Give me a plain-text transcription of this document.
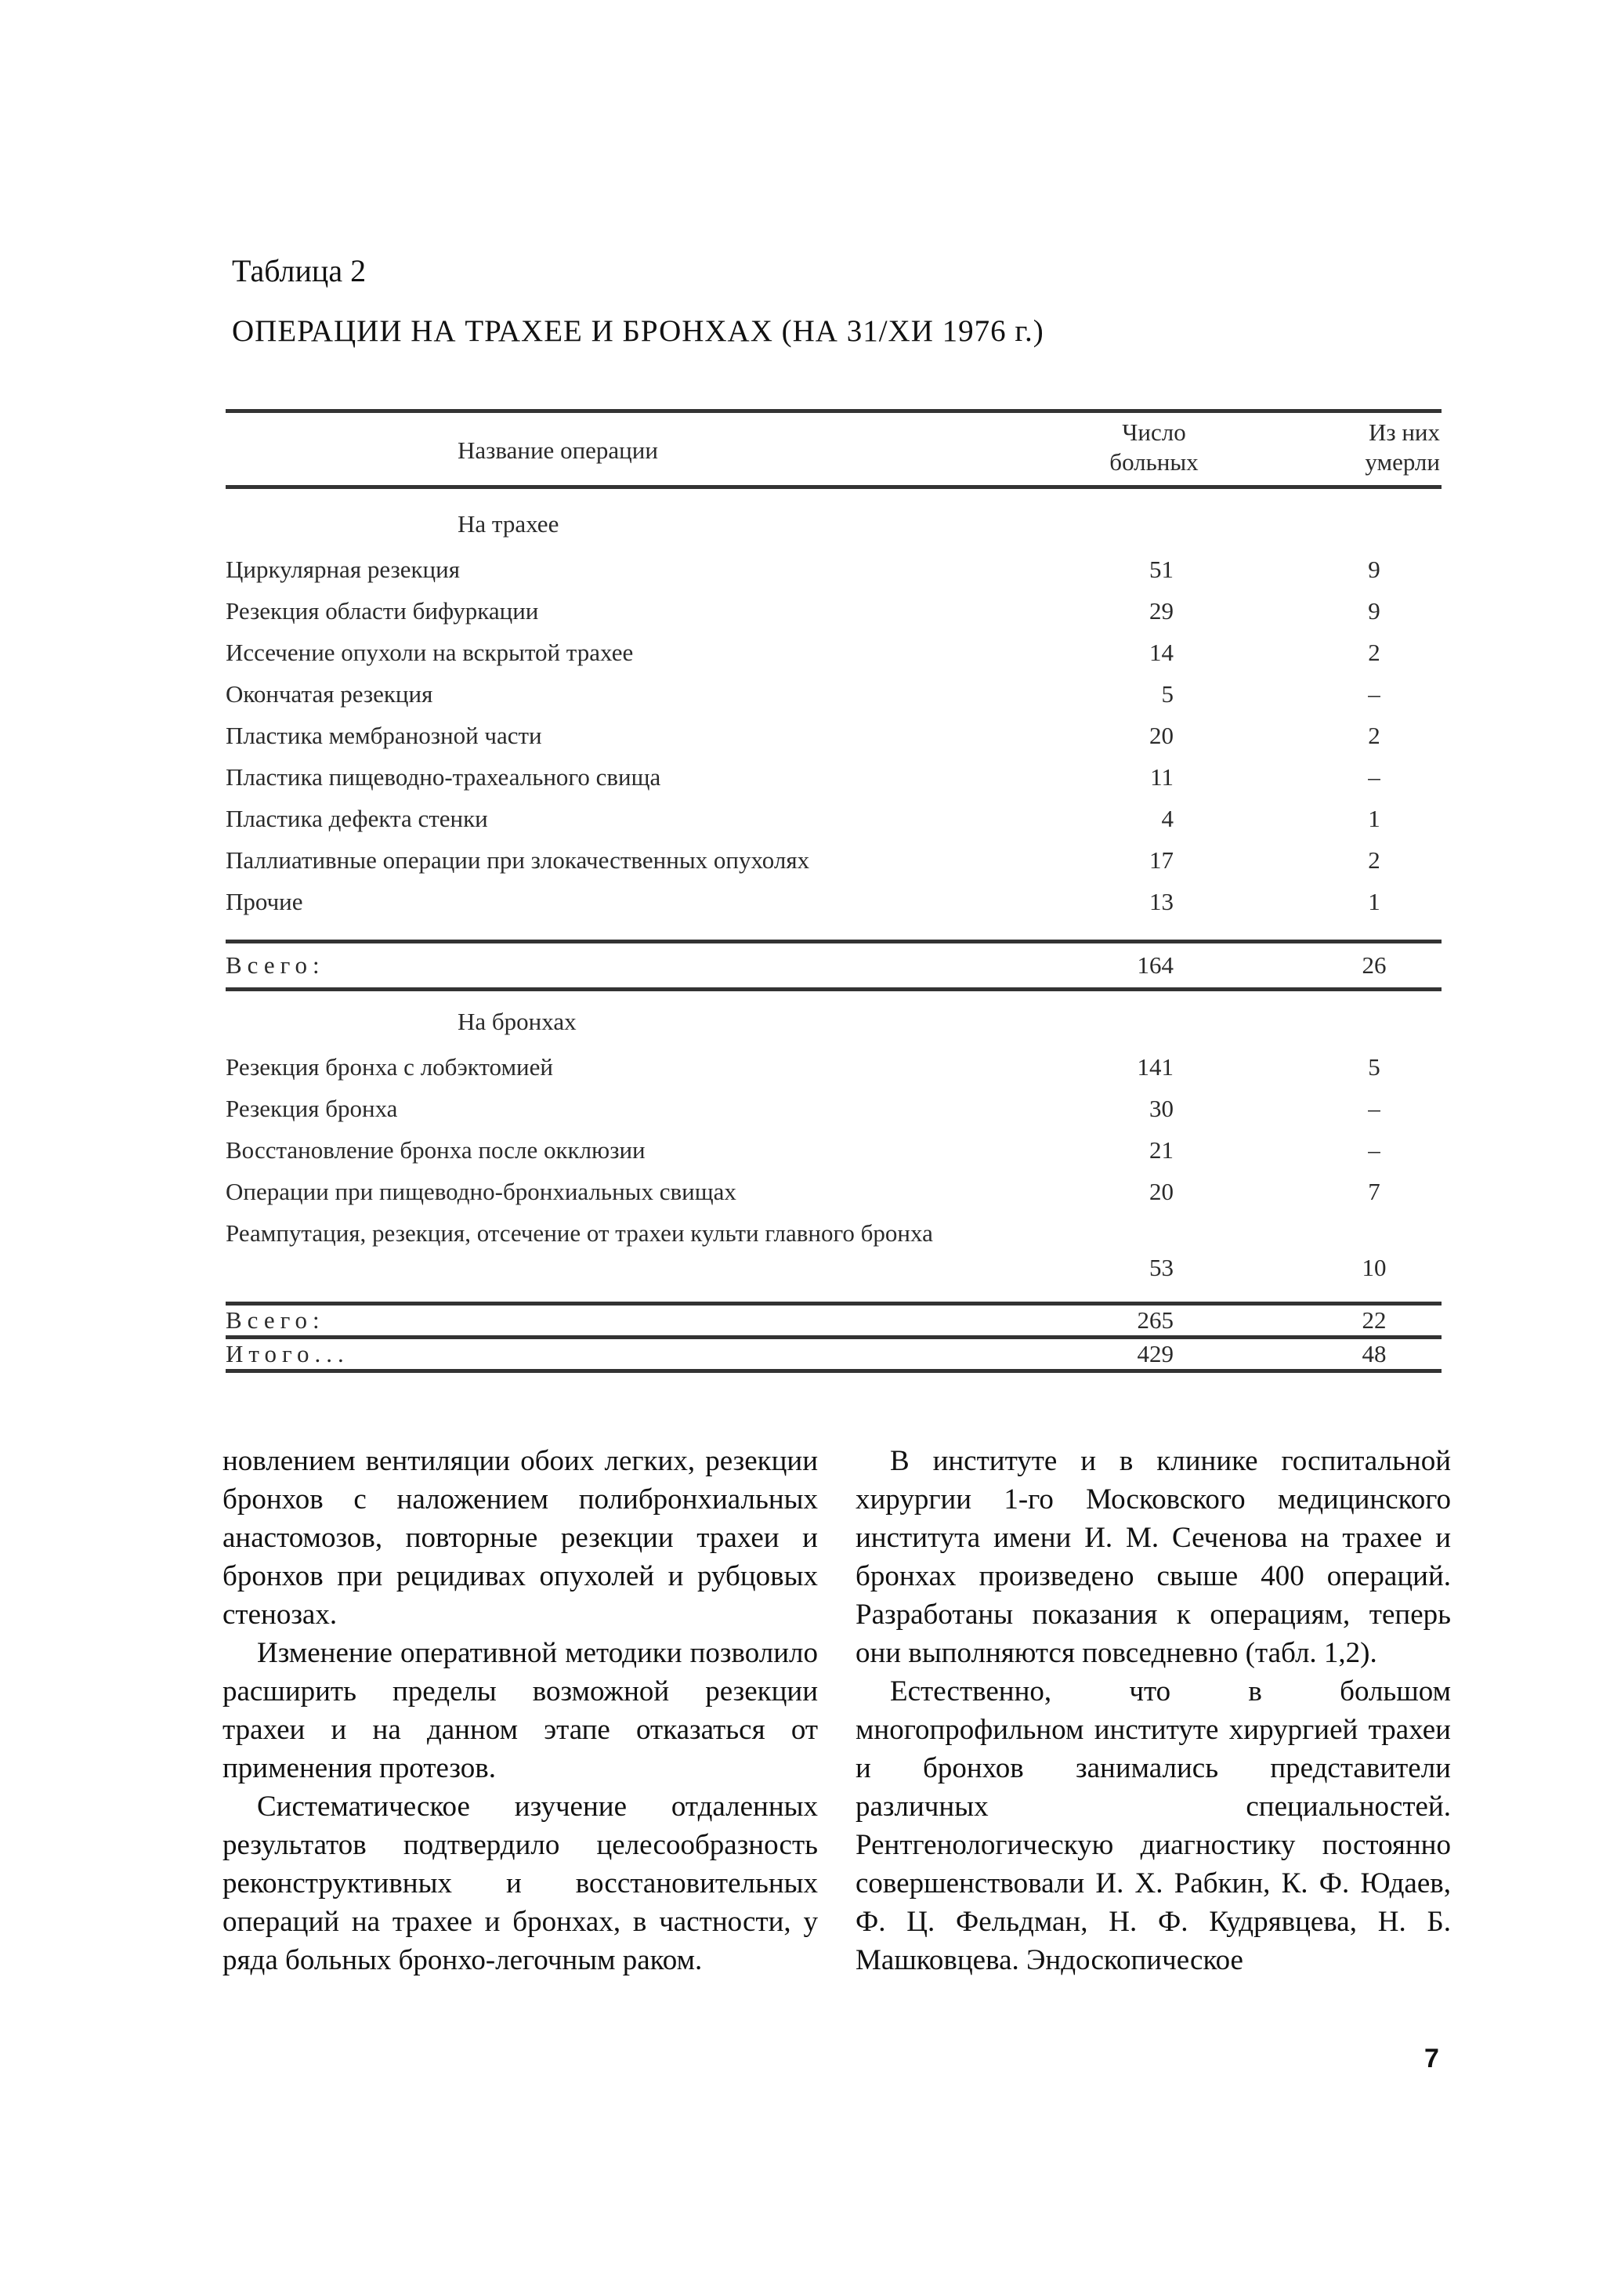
Таблица 2
ОПЕРАЦИИ НА ТРАХЕЕ И БРОНХАХ (НА 31/ХИ 1976 г.)
Название операции
Число
больных
Из них
умерли
На трахее
Циркулярная резекция	51	9
Резекция области бифуркации	29	9
Иссечение опухоли на вскрытой трахее	14	2
Окончатая резекция	5	–
Пластика мембранозной части	20	2
Пластика пищеводно-трахеального свища	11	–
Пластика дефекта стенки	4	1
Паллиативные операции при злокачественных опухолях	17	2
Прочие	13	1
Всего:	164	26
На бронхах
Резекция бронха с лобэктомией	141	5
Резекция бронха	30	–
Восстановление бронха после окклюзии	21	–
Операции при пищеводно-бронхиальных свищах	20	7
Реампутация, резекция, отсечение от трахеи культи главного бронха
53	10
Всего:	265	22
Итого...	429	48

новлением вентиляции обоих легких, резекции бронхов с наложением полибронхиальных анастомозов, повторные резекции трахеи и бронхов при рецидивах опухолей и рубцовых стенозах.

Изменение оперативной методики позволило расширить пределы возможной резекции трахеи и на данном этапе отказаться от применения протезов.

Систематическое изучение отдаленных результатов подтвердило целесообразность реконструктивных и восстановительных операций на трахее и бронхах, в частности, у ряда больных бронхо-легочным раком.

В институте и в клинике госпитальной хирургии 1-го Московского медицинского института имени И. М. Сеченова на трахее и бронхах произведено свыше 400 операций. Разработаны показания к операциям, теперь они выполняются повседневно (табл. 1,2).

Естественно, что в большом многопрофильном институте хирургией трахеи и бронхов занимались представители различных специальностей. Рентгенологическую диагностику постоянно совершенствовали И. Х. Рабкин, К. Ф. Юдаев, Ф. Ц. Фельдман, Н. Ф. Кудрявцева, Н. Б. Машковцева. Эндоскопическое

7
